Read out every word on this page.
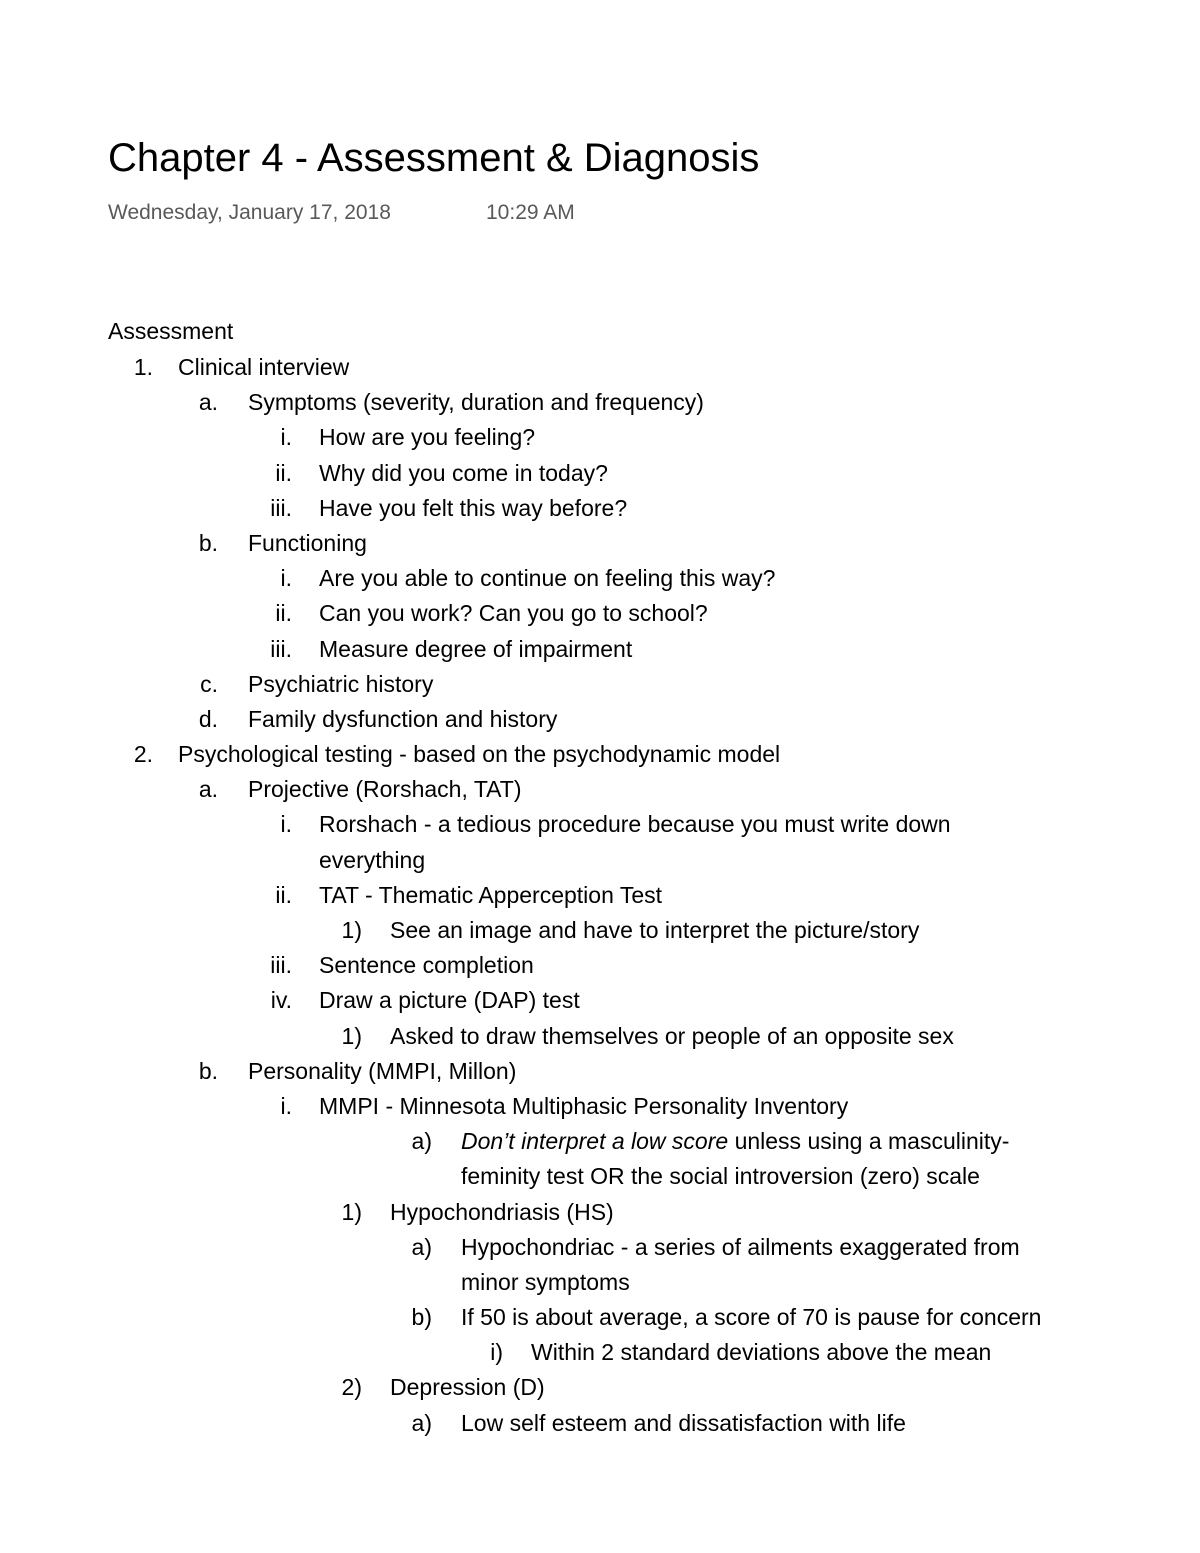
Chapter 4 - Assessment & Diagnosis
Wednesday, January 17, 2018	10:29 AM
Assessment
1. Clinical interview
a. Symptoms (severity, duration and frequency)
i. How are you feeling?
ii. Why did you come in today?
iii. Have you felt this way before?
b. Functioning
i. Are you able to continue on feeling this way?
ii. Can you work? Can you go to school?
iii. Measure degree of impairment
c. Psychiatric history
d. Family dysfunction and history
2. Psychological testing - based on the psychodynamic model
a. Projective (Rorshach, TAT)
i. Rorshach - a tedious procedure because you must write down
everything
ii. TAT - Thematic Apperception Test
1) See an image and have to interpret the picture/story
iii. Sentence completion
iv. Draw a picture (DAP) test
1) Asked to draw themselves or people of an opposite sex
b. Personality (MMPI, Millon)
i. MMPI - Minnesota Multiphasic Personality Inventory
a) Don’t interpret a low score unless using a masculinity-
feminity test OR the social introversion (zero) scale
1) Hypochondriasis (HS)
a) Hypochondriac - a series of ailments exaggerated from
minor symptoms
b) If 50 is about average, a score of 70 is pause for concern
i) Within 2 standard deviations above the mean
2) Depression (D)
a) Low self esteem and dissatisfaction with life
